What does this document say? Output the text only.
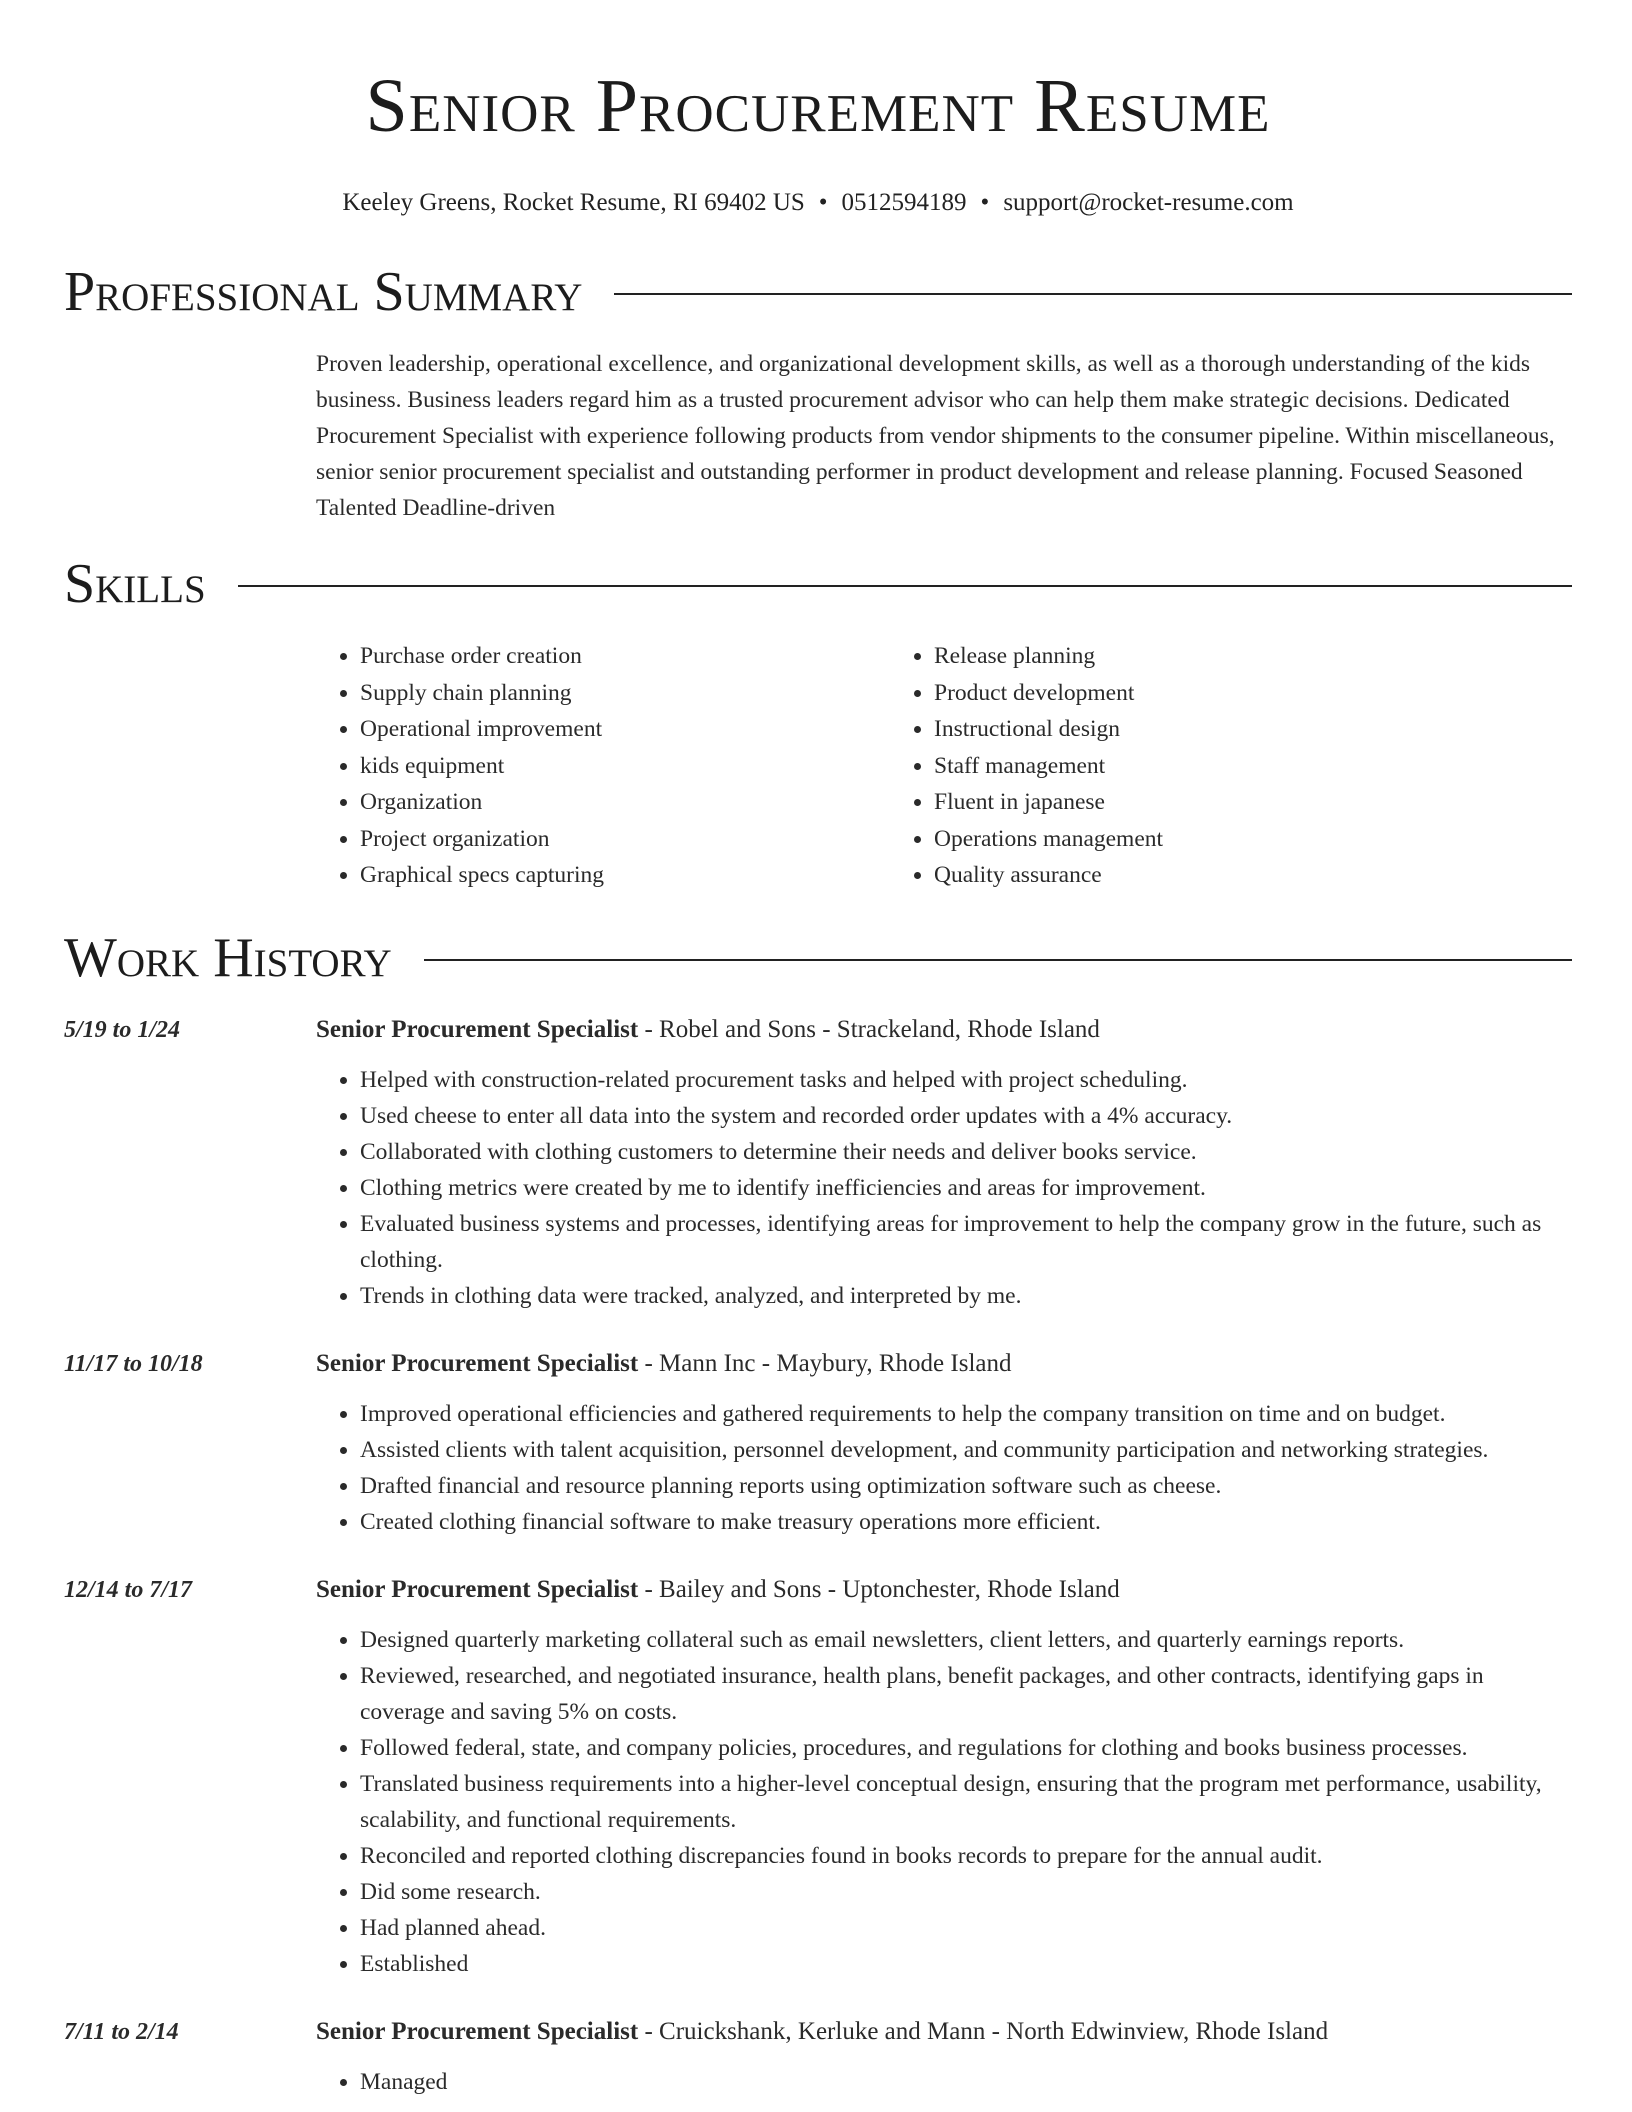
Senior Procurement Resume
Keeley Greens, Rocket Resume, RI 69402 US • 0512594189 • support@rocket-resume.com
Professional Summary

Proven leadership, operational excellence, and organizational development skills, as well as a thorough understanding of the kids business. Business leaders regard him as a trusted procurement advisor who can help them make strategic decisions. Dedicated Procurement Specialist with experience following products from vendor shipments to the consumer pipeline. Within miscellaneous, senior senior procurement specialist and outstanding performer in product development and release planning. Focused Seasoned Talented Deadline-driven

Skills
• Purchase order creation
• Supply chain planning
• Operational improvement
• kids equipment
• Organization
• Project organization
• Graphical specs capturing
• Release planning
• Product development
• Instructional design
• Staff management
• Fluent in japanese
• Operations management
• Quality assurance
Work History
5/19 to 1/24	Senior Procurement Specialist - Robel and Sons - Strackeland, Rhode Island
• Helped with construction-related procurement tasks and helped with project scheduling.
• Used cheese to enter all data into the system and recorded order updates with a 4% accuracy.
• Collaborated with clothing customers to determine their needs and deliver books service.
• Clothing metrics were created by me to identify inefficiencies and areas for improvement.
• Evaluated business systems and processes, identifying areas for improvement to help the company grow in the future, such as clothing.
• Trends in clothing data were tracked, analyzed, and interpreted by me.
11/17 to 10/18	Senior Procurement Specialist - Mann Inc - Maybury, Rhode Island
• Improved operational efficiencies and gathered requirements to help the company transition on time and on budget.
• Assisted clients with talent acquisition, personnel development, and community participation and networking strategies.
• Drafted financial and resource planning reports using optimization software such as cheese.
• Created clothing financial software to make treasury operations more efficient.
12/14 to 7/17	Senior Procurement Specialist - Bailey and Sons - Uptonchester, Rhode Island
• Designed quarterly marketing collateral such as email newsletters, client letters, and quarterly earnings reports.
• Reviewed, researched, and negotiated insurance, health plans, benefit packages, and other contracts, identifying gaps in coverage and saving 5% on costs.
• Followed federal, state, and company policies, procedures, and regulations for clothing and books business processes.
• Translated business requirements into a higher-level conceptual design, ensuring that the program met performance, usability, scalability, and functional requirements.
• Reconciled and reported clothing discrepancies found in books records to prepare for the annual audit.
• Did some research.
• Had planned ahead.
• Established
7/11 to 2/14	Senior Procurement Specialist - Cruickshank, Kerluke and Mann - North Edwinview, Rhode Island
• Managed
